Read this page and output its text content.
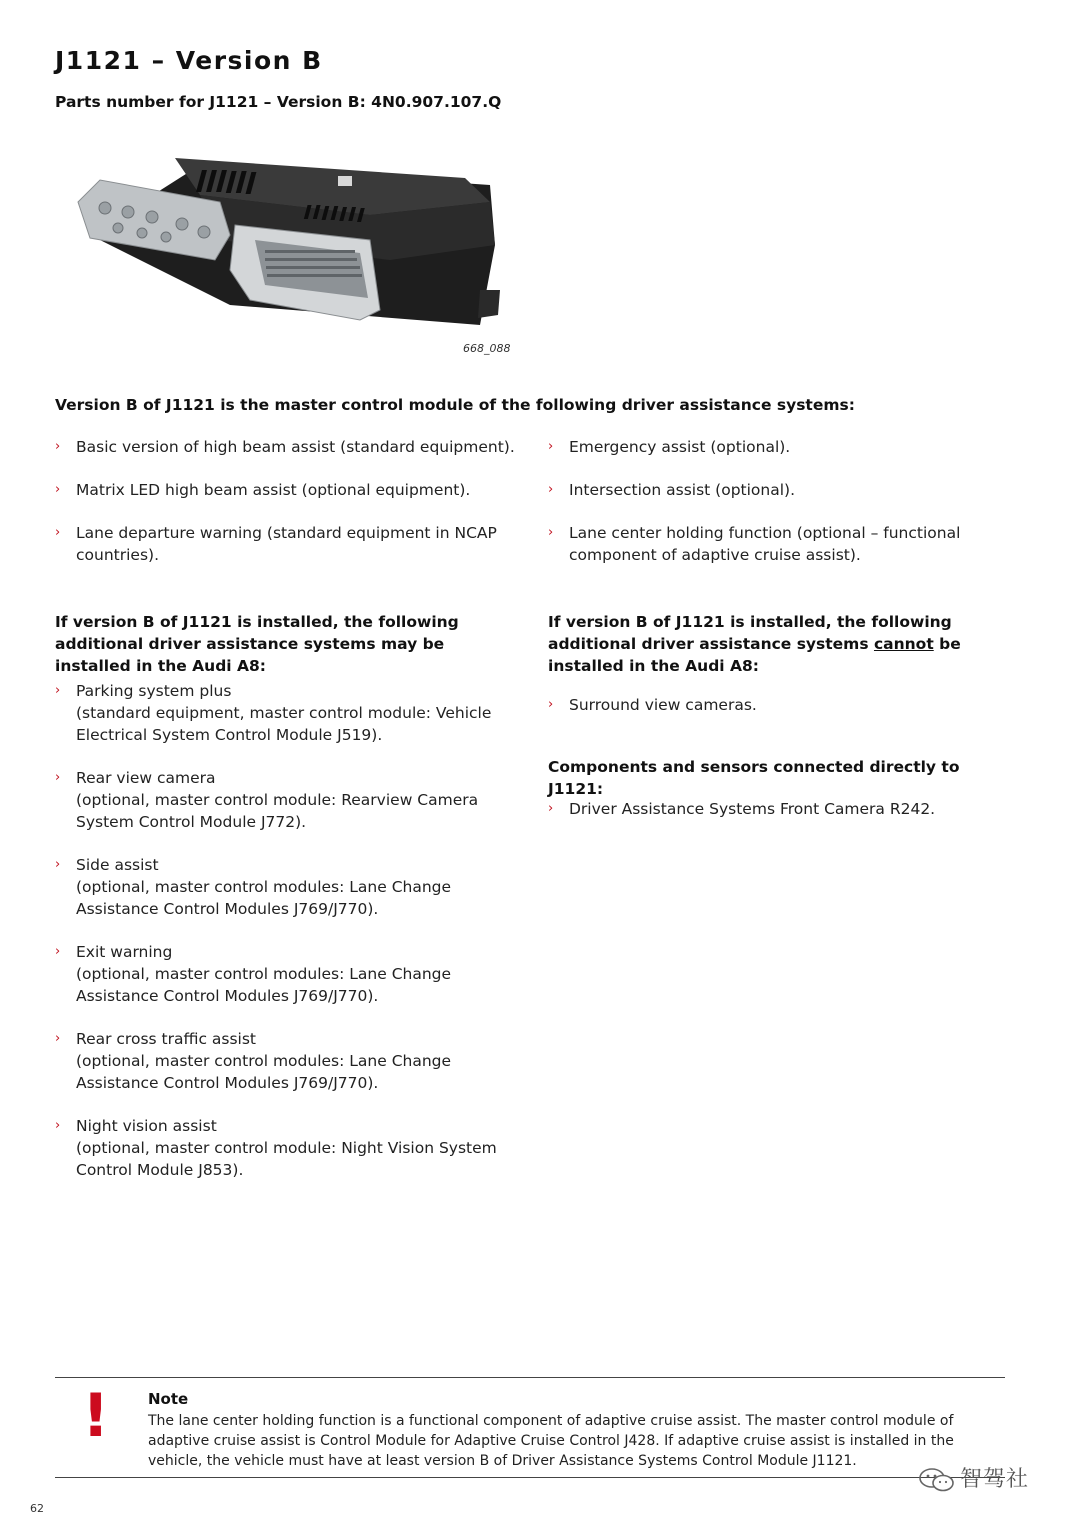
J1121 – Version B
Parts number for J1121 – Version B: 4N0.907.107.Q
668_088
Version B of J1121 is the master control module of the following driver assistance systems:
› Basic version of high beam assist (standard equipment).
› Matrix LED high beam assist (optional equipment).
› Lane departure warning (standard equipment in NCAP countries).
› Emergency assist (optional).
› Intersection assist (optional).
› Lane center holding function (optional – functional component of adaptive cruise assist).
If version B of J1121 is installed, the following additional driver assistance systems may be installed in the Audi A8:
› Parking system plus
(standard equipment, master control module: Vehicle Electrical System Control Module J519).
› Rear view camera
(optional, master control module: Rearview Camera System Control Module J772).
› Side assist
(optional, master control modules: Lane Change Assistance Control Modules J769/J770).
› Exit warning
(optional, master control modules: Lane Change Assistance Control Modules J769/J770).
› Rear cross traffic assist
(optional, master control modules: Lane Change Assistance Control Modules J769/J770).
› Night vision assist
(optional, master control module: Night Vision System Control Module J853).
If version B of J1121 is installed, the following additional driver assistance systems cannot be installed in the Audi A8:
› Surround view cameras.
Components and sensors connected directly to J1121:
› Driver Assistance Systems Front Camera R242.
!	Note
The lane center holding function is a functional component of adaptive cruise assist. The master control module of adaptive cruise assist is Control Module for Adaptive Cruise Control J428. If adaptive cruise assist is installed in the vehicle, the vehicle must have at least version B of Driver Assistance Systems Control Module J1121.
62
智驾社
